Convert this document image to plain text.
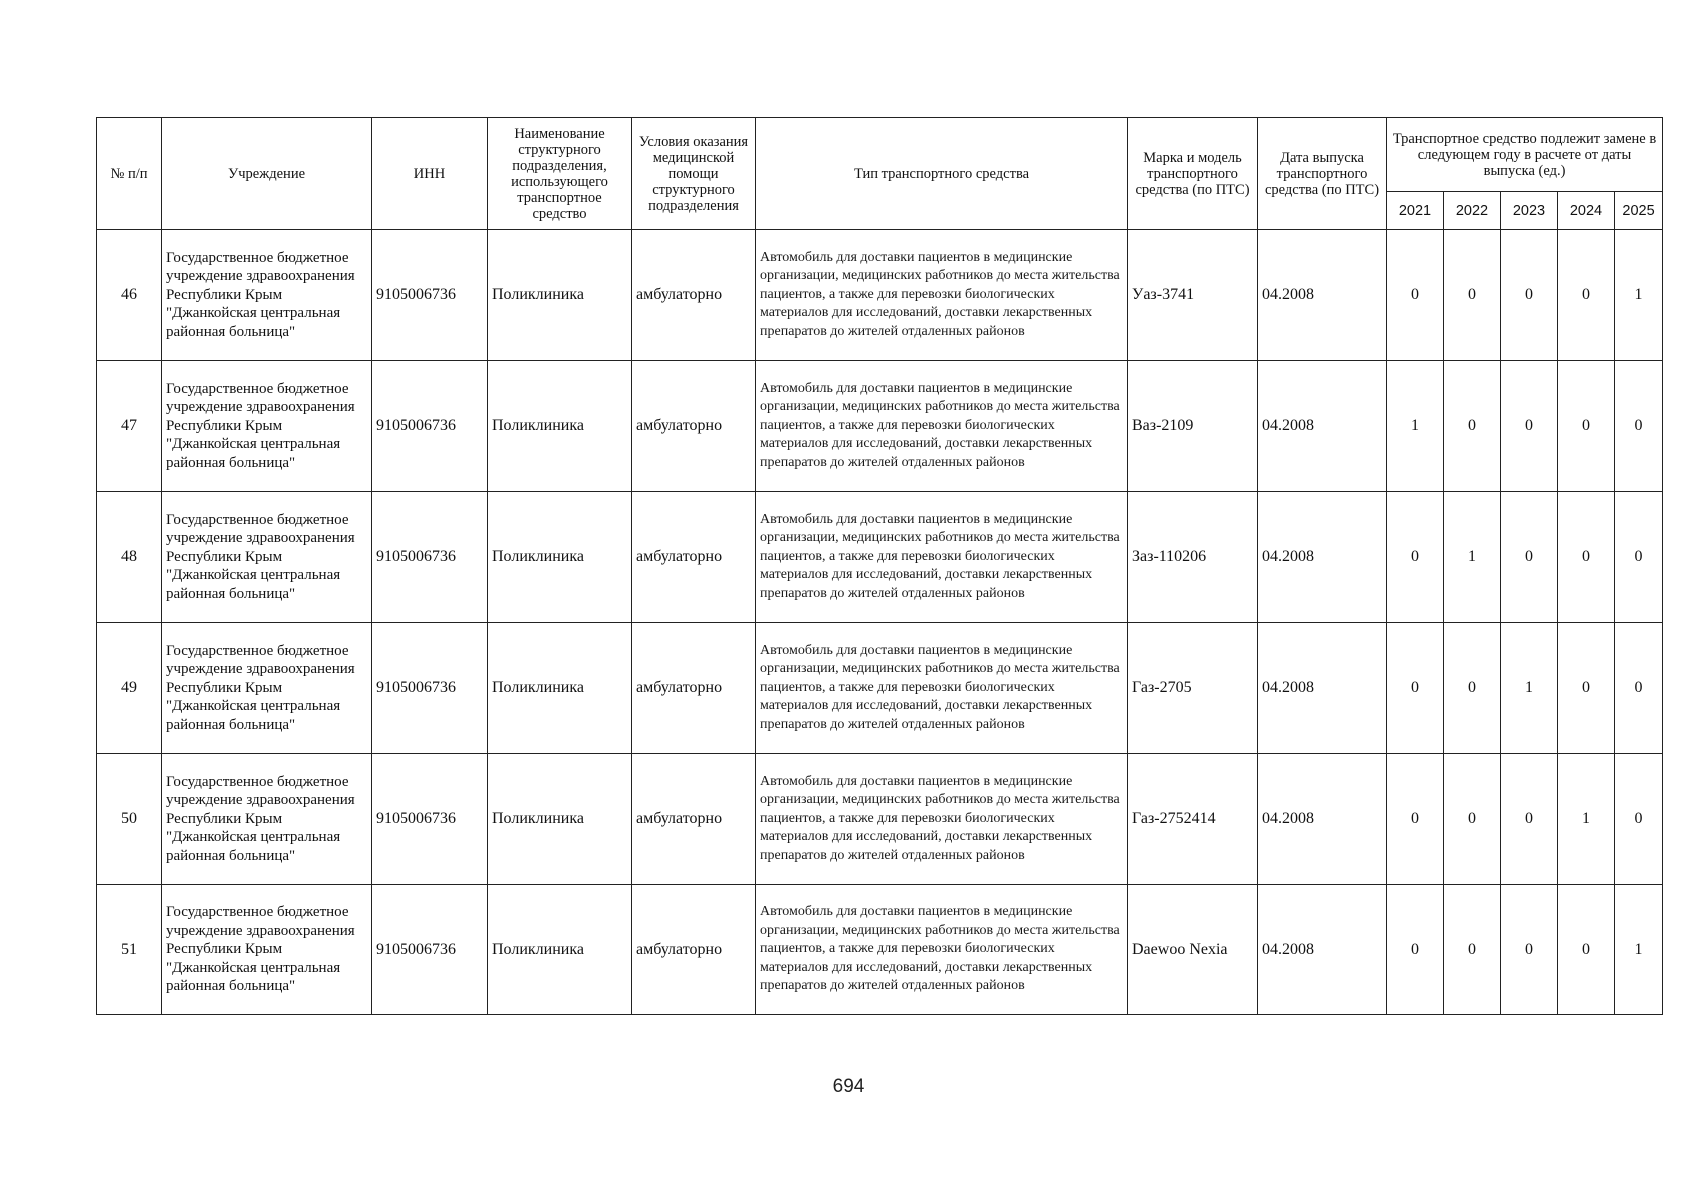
№ п/п	Учреждение	ИНН	Наименование структурного подразделения, использующего транспортное средство	Условия оказания медицинской помощи структурного подразделения	Тип транспортного средства	Марка и модель транспортного средства (по ПТС)	Дата выпуска транспортного средства (по ПТС)	Транспортное средство подлежит замене в следующем году в расчете от даты выпуска (ед.)				
								2021	2022	2023	2024	2025
46	Государственное бюджетное учреждение здравоохранения Республики Крым "Джанкойская центральная районная больница"	9105006736	Поликлиника	амбулаторно	Автомобиль для доставки пациентов в медицинские организации, медицинских работников до места жительства пациентов, а также для перевозки биологических материалов для исследований, доставки лекарственных препаратов до жителей отдаленных районов	Уаз-3741	04.2008	0	0	0	0	1
47	Государственное бюджетное учреждение здравоохранения Республики Крым "Джанкойская центральная районная больница"	9105006736	Поликлиника	амбулаторно	Автомобиль для доставки пациентов в медицинские организации, медицинских работников до места жительства пациентов, а также для перевозки биологических материалов для исследований, доставки лекарственных препаратов до жителей отдаленных районов	Ваз-2109	04.2008	1	0	0	0	0
48	Государственное бюджетное учреждение здравоохранения Республики Крым "Джанкойская центральная районная больница"	9105006736	Поликлиника	амбулаторно	Автомобиль для доставки пациентов в медицинские организации, медицинских работников до места жительства пациентов, а также для перевозки биологических материалов для исследований, доставки лекарственных препаратов до жителей отдаленных районов	Заз-110206	04.2008	0	1	0	0	0
49	Государственное бюджетное учреждение здравоохранения Республики Крым "Джанкойская центральная районная больница"	9105006736	Поликлиника	амбулаторно	Автомобиль для доставки пациентов в медицинские организации, медицинских работников до места жительства пациентов, а также для перевозки биологических материалов для исследований, доставки лекарственных препаратов до жителей отдаленных районов	Газ-2705	04.2008	0	0	1	0	0
50	Государственное бюджетное учреждение здравоохранения Республики Крым "Джанкойская центральная районная больница"	9105006736	Поликлиника	амбулаторно	Автомобиль для доставки пациентов в медицинские организации, медицинских работников до места жительства пациентов, а также для перевозки биологических материалов для исследований, доставки лекарственных препаратов до жителей отдаленных районов	Газ-2752414	04.2008	0	0	0	1	0
51	Государственное бюджетное учреждение здравоохранения Республики Крым "Джанкойская центральная районная больница"	9105006736	Поликлиника	амбулаторно	Автомобиль для доставки пациентов в медицинские организации, медицинских работников до места жительства пациентов, а также для перевозки биологических материалов для исследований, доставки лекарственных препаратов до жителей отдаленных районов	Daewoo Nexia	04.2008	0	0	0	0	1
694
